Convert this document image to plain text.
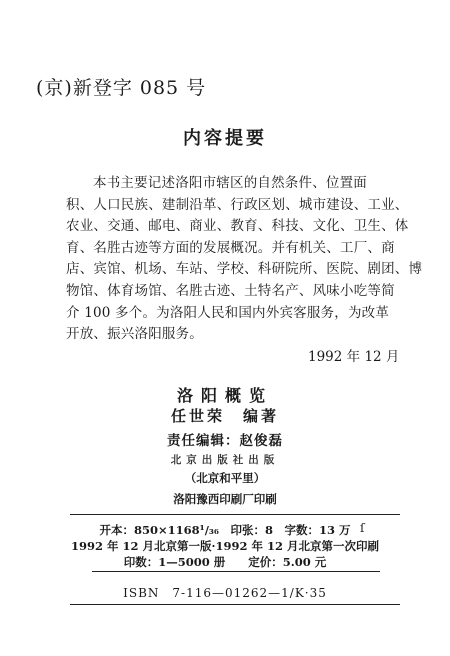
(京)新登字 085 号
内容提要
本书主要记述洛阳市辖区的自然条件、位置面
积、人口民族、建制沿革、行政区划、城市建设、工业、
农业、交通、邮电、商业、教育、科技、文化、卫生、体
育、名胜古迹等方面的发展概况。并有机关、工厂、商
店、宾馆、机场、车站、学校、科研院所、医院、剧团、博
物馆、体育场馆、名胜古迹、土特名产、风味小吃等简
介 100 多个。为洛阳人民和国内外宾客服务，为改革
开放、振兴洛阳服务。
1992 年 12 月
洛阳概览
任世荣　编著
责任编辑：赵俊磊
北京出版社出版
（北京和平里）
洛阳豫西印刷厂印刷
开本：850×1168¹/₃₆　印张：8　字数：13 万 ſ
1992 年 12 月北京第一版·1992 年 12 月北京第一次印刷
印数：1—5000 册　　定价：5.00 元
ISBN　7-116—01262—1/K·35
